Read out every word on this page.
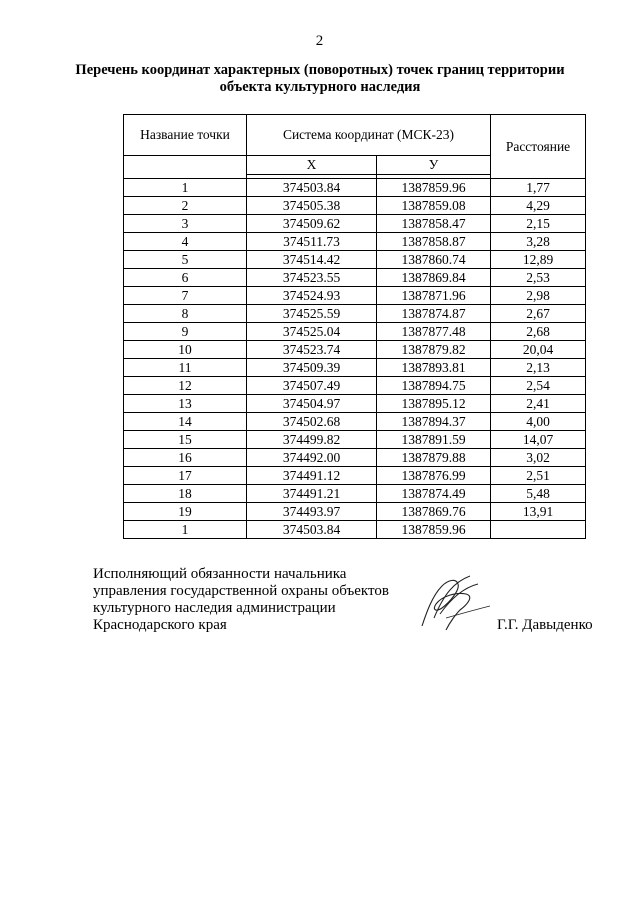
2
Перечень координат характерных (поворотных) точек границ территории
объекта культурного наследия
Название точки	Система координат (МСК-23)		Расстояние
	Х	У	

1	374503.84	1387859.96	1,77
2	374505.38	1387859.08	4,29
3	374509.62	1387858.47	2,15
4	374511.73	1387858.87	3,28
5	374514.42	1387860.74	12,89
6	374523.55	1387869.84	2,53
7	374524.93	1387871.96	2,98
8	374525.59	1387874.87	2,67
9	374525.04	1387877.48	2,68
10	374523.74	1387879.82	20,04
11	374509.39	1387893.81	2,13
12	374507.49	1387894.75	2,54
13	374504.97	1387895.12	2,41
14	374502.68	1387894.37	4,00
15	374499.82	1387891.59	14,07
16	374492.00	1387879.88	3,02
17	374491.12	1387876.99	2,51
18	374491.21	1387874.49	5,48
19	374493.97	1387869.76	13,91
1	374503.84	1387859.96	
Исполняющий обязанности начальника
управления государственной охраны объектов
культурного наследия администрации
Краснодарского края	Г.Г. Давыденко
